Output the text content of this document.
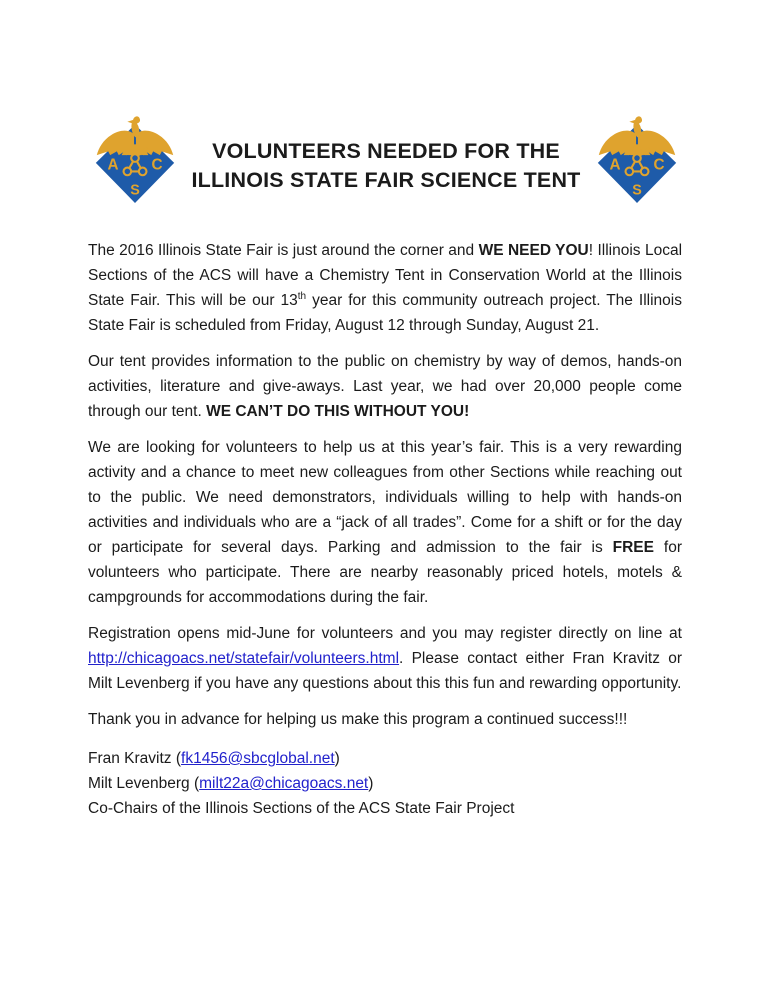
A C
S
VOLUNTEERS NEEDED FOR THE
ILLINOIS STATE FAIR SCIENCE TENT
A C
S

The 2016 Illinois State Fair is just around the corner and WE NEED YOU! Illinois Local Sections of the ACS will have a Chemistry Tent in Conservation World at the Illinois State Fair. This will be our 13th year for this community outreach project. The Illinois State Fair is scheduled from Friday, August 12 through Sunday, August 21.

Our tent provides information to the public on chemistry by way of demos, hands-on activities, literature and give-aways. Last year, we had over 20,000 people come through our tent. WE CAN’T DO THIS WITHOUT YOU!

We are looking for volunteers to help us at this year’s fair. This is a very rewarding activity and a chance to meet new colleagues from other Sections while reaching out to the public. We need demonstrators, individuals willing to help with hands-on activities and individuals who are a “jack of all trades”. Come for a shift or for the day or participate for several days. Parking and admission to the fair is FREE for volunteers who participate. There are nearby reasonably priced hotels, motels & campgrounds for accommodations during the fair.

Registration opens mid-June for volunteers and you may register directly on line at http://chicagoacs.net/statefair/volunteers.html. Please contact either Fran Kravitz or Milt Levenberg if you have any questions about this this fun and rewarding opportunity.

Thank you in advance for helping us make this program a continued success!!!

Fran Kravitz (fk1456@sbcglobal.net)

Milt Levenberg (milt22a@chicagoacs.net)

Co-Chairs of the Illinois Sections of the ACS State Fair Project
